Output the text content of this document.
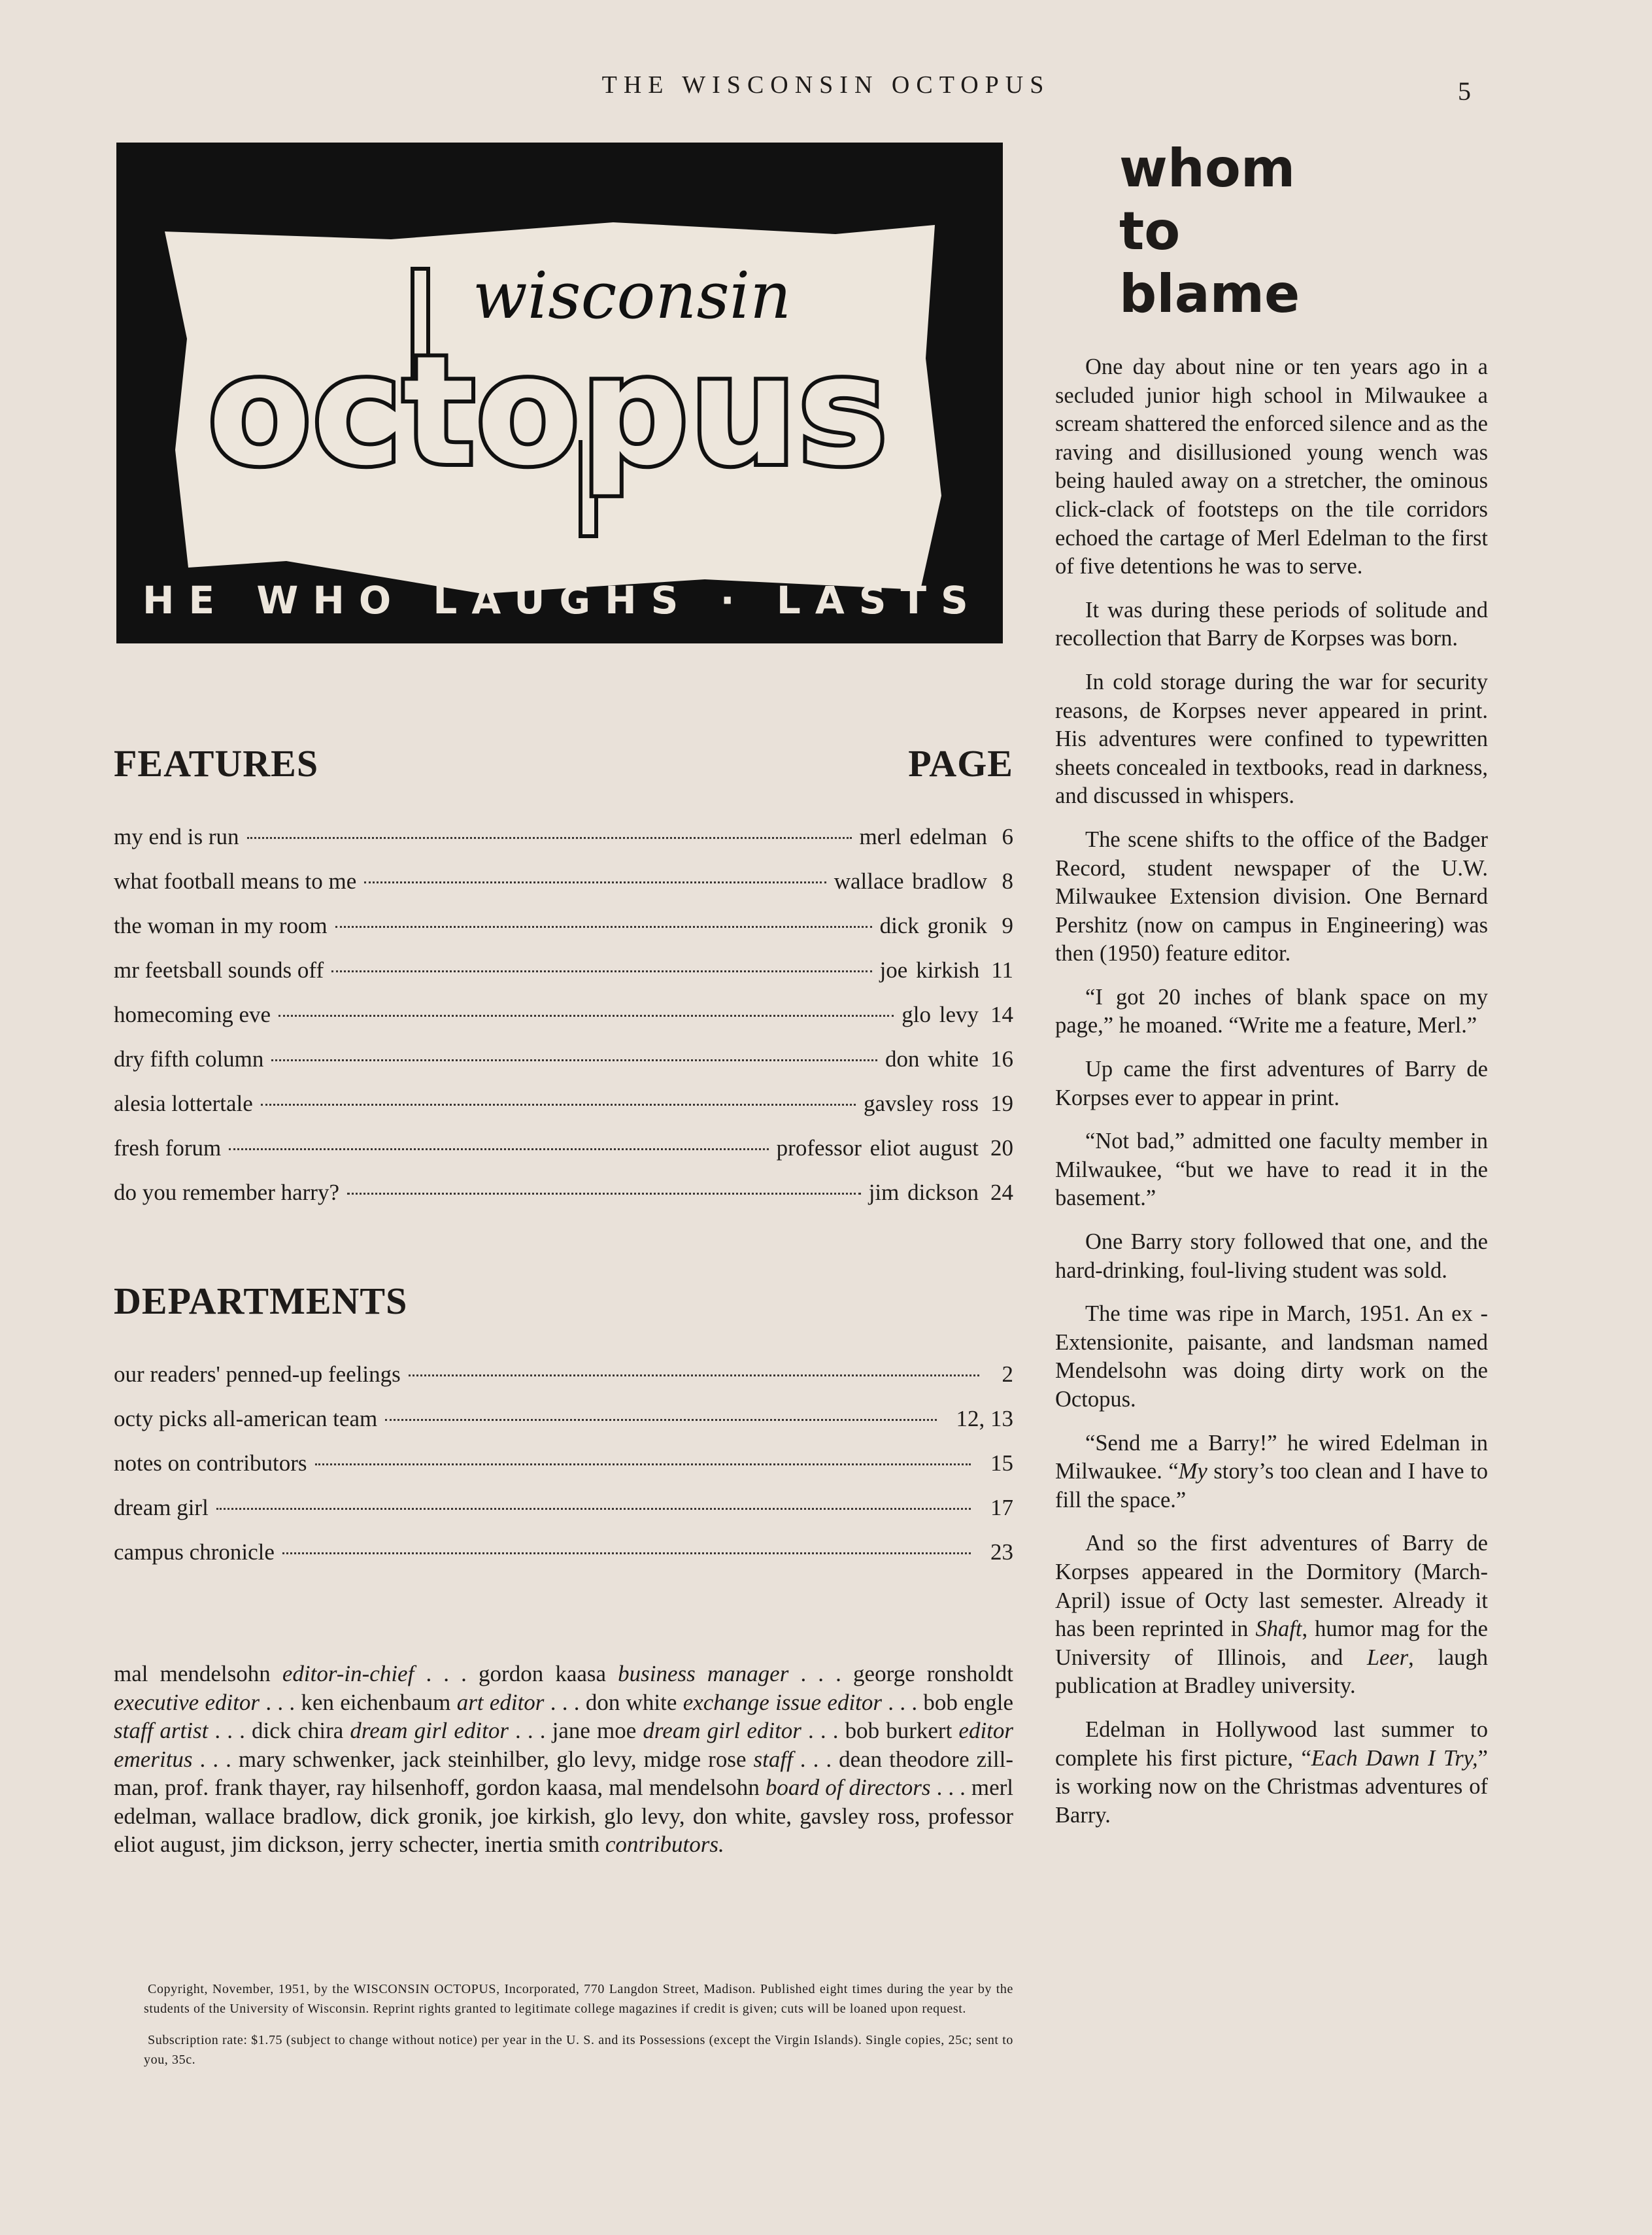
THE WISCONSIN OCTOPUS	5
wisconsin
octopus
HE WHO LAUGHS · LASTS
FEATURES	PAGE
my end is run	merl edelman 6
what football means to me	wallace bradlow 8
the woman in my room	dick gronik 9
mr feetsball sounds off	joe kirkish 11
homecoming eve	glo levy 14
dry fifth column	don white 16
alesia lottertale	gavsley ross 19
fresh forum	professor eliot august 20
do you remember harry?	jim dickson 24
DEPARTMENTS
our readers' penned-up feelings	2
octy picks all-american team	12, 13
notes on contributors	15
dream girl	17
campus chronicle	23
mal mendelsohn editor-in-chief . . . gordon kaasa business manager . . . george ronsholdt executive editor . . . ken eichenbaum art editor . . . don white exchange issue editor . . . bob engle staff artist . . . dick chira dream girl editor . . . jane moe dream girl editor . . . bob burkert editor emeritus . . . mary schwenker, jack steinhilber, glo levy, midge rose staff . . . dean theodore zillman, prof. frank thayer, ray hilsenhoff, gordon kaasa, mal mendelsohn board of directors . . . merl edelman, wallace bradlow, dick gronik, joe kirkish, glo levy, don white, gavsley ross, professor eliot august, jim dickson, jerry schecter, inertia smith contributors.

Copyright, November, 1951, by the WISCONSIN OCTOPUS, Incorporated, 770 Langdon Street, Madison. Published eight times during the year by the students of the University of Wisconsin. Reprint rights granted to legitimate college magazines if credit is given; cuts will be loaned upon request.

Subscription rate: $1.75 (subject to change without notice) per year in the U. S. and its Possessions (except the Virgin Islands). Single copies, 25c; sent to you, 35c.

whom
to
blame

One day about nine or ten years ago in a secluded junior high school in Milwaukee a scream shattered the enforced silence and as the raving and disillusioned young wench was being hauled away on a stretcher, the ominous click-clack of footsteps on the tile corridors echoed the cartage of Merl Edelman to the first of five detentions he was to serve.

It was during these periods of solitude and recollection that Barry de Korpses was born.

In cold storage during the war for security reasons, de Korpses never appeared in print. His adventures were confined to typewritten sheets concealed in textbooks, read in darkness, and discussed in whispers.

The scene shifts to the office of the Badger Record, student newspaper of the U.W. Milwaukee Extension division. One Bernard Pershitz (now on campus in Engineering) was then (1950) feature editor.

“I got 20 inches of blank space on my page,” he moaned. “Write me a feature, Merl.”

Up came the first adventures of Barry de Korpses ever to appear in print.

“Not bad,” admitted one faculty member in Milwaukee, “but we have to read it in the basement.”

One Barry story followed that one, and the hard-drinking, foul-living student was sold.

The time was ripe in March, 1951. An ex - Extensionite, paisante, and landsman named Mendelsohn was doing dirty work on the Octopus.

“Send me a Barry!” he wired Edelman in Milwaukee. “My story’s too clean and I have to fill the space.”

And so the first adventures of Barry de Korpses appeared in the Dormitory (March-April) issue of Octy last semester. Already it has been reprinted in Shaft, humor mag for the University of Illinois, and Leer, laugh publication at Bradley university.

Edelman in Hollywood last summer to complete his first picture, “Each Dawn I Try,” is working now on the Christmas adventures of Barry.
